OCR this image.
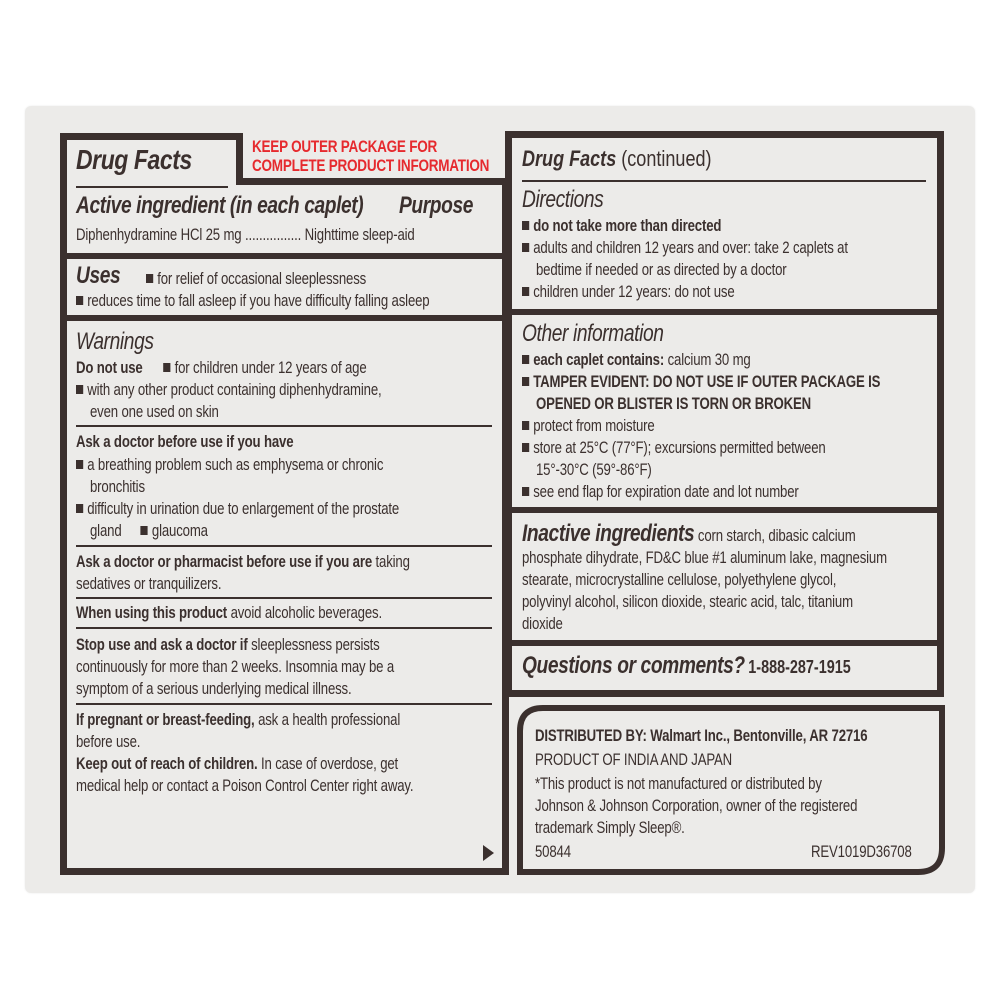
KEEP OUTER PACKAGE FOR
COMPLETE PRODUCT INFORMATION
Drug Facts
Active ingredient (in each caplet)	Purpose
Diphenhydramine HCl 25 mg ................ Nighttime sleep-aid
Uses	for relief of occasional sleeplessness
reduces time to fall asleep if you have difficulty falling asleep
Warnings
Do not use for children under 12 years of age
with any other product containing diphenhydramine,
even one used on skin
Ask a doctor before use if you have
a breathing problem such as emphysema or chronic
bronchitis
difficulty in urination due to enlargement of the prostate
gland glaucoma
Ask a doctor or pharmacist before use if you are taking
sedatives or tranquilizers.
When using this product avoid alcoholic beverages.
Stop use and ask a doctor if sleeplessness persists
continuously for more than 2 weeks. Insomnia may be a
symptom of a serious underlying medical illness.
If pregnant or breast-feeding, ask a health professional
before use.
Keep out of reach of children. In case of overdose, get
medical help or contact a Poison Control Center right away.
Drug Facts (continued)
Directions
do not take more than directed
adults and children 12 years and over: take 2 caplets at
bedtime if needed or as directed by a doctor
children under 12 years: do not use
Other information
each caplet contains: calcium 30 mg
TAMPER EVIDENT: DO NOT USE IF OUTER PACKAGE IS
OPENED OR BLISTER IS TORN OR BROKEN
protect from moisture
store at 25°C (77°F); excursions permitted between
15°-30°C (59°-86°F)
see end flap for expiration date and lot number
Inactive ingredients corn starch, dibasic calcium
phosphate dihydrate, FD&C blue #1 aluminum lake, magnesium
stearate, microcrystalline cellulose, polyethylene glycol,
polyvinyl alcohol, silicon dioxide, stearic acid, talc, titanium
dioxide
Questions or comments? 1-888-287-1915
DISTRIBUTED BY: Walmart Inc., Bentonville, AR 72716
PRODUCT OF INDIA AND JAPAN
*This product is not manufactured or distributed by
Johnson & Johnson Corporation, owner of the registered
trademark Simply Sleep®.
50844	REV1019D36708
